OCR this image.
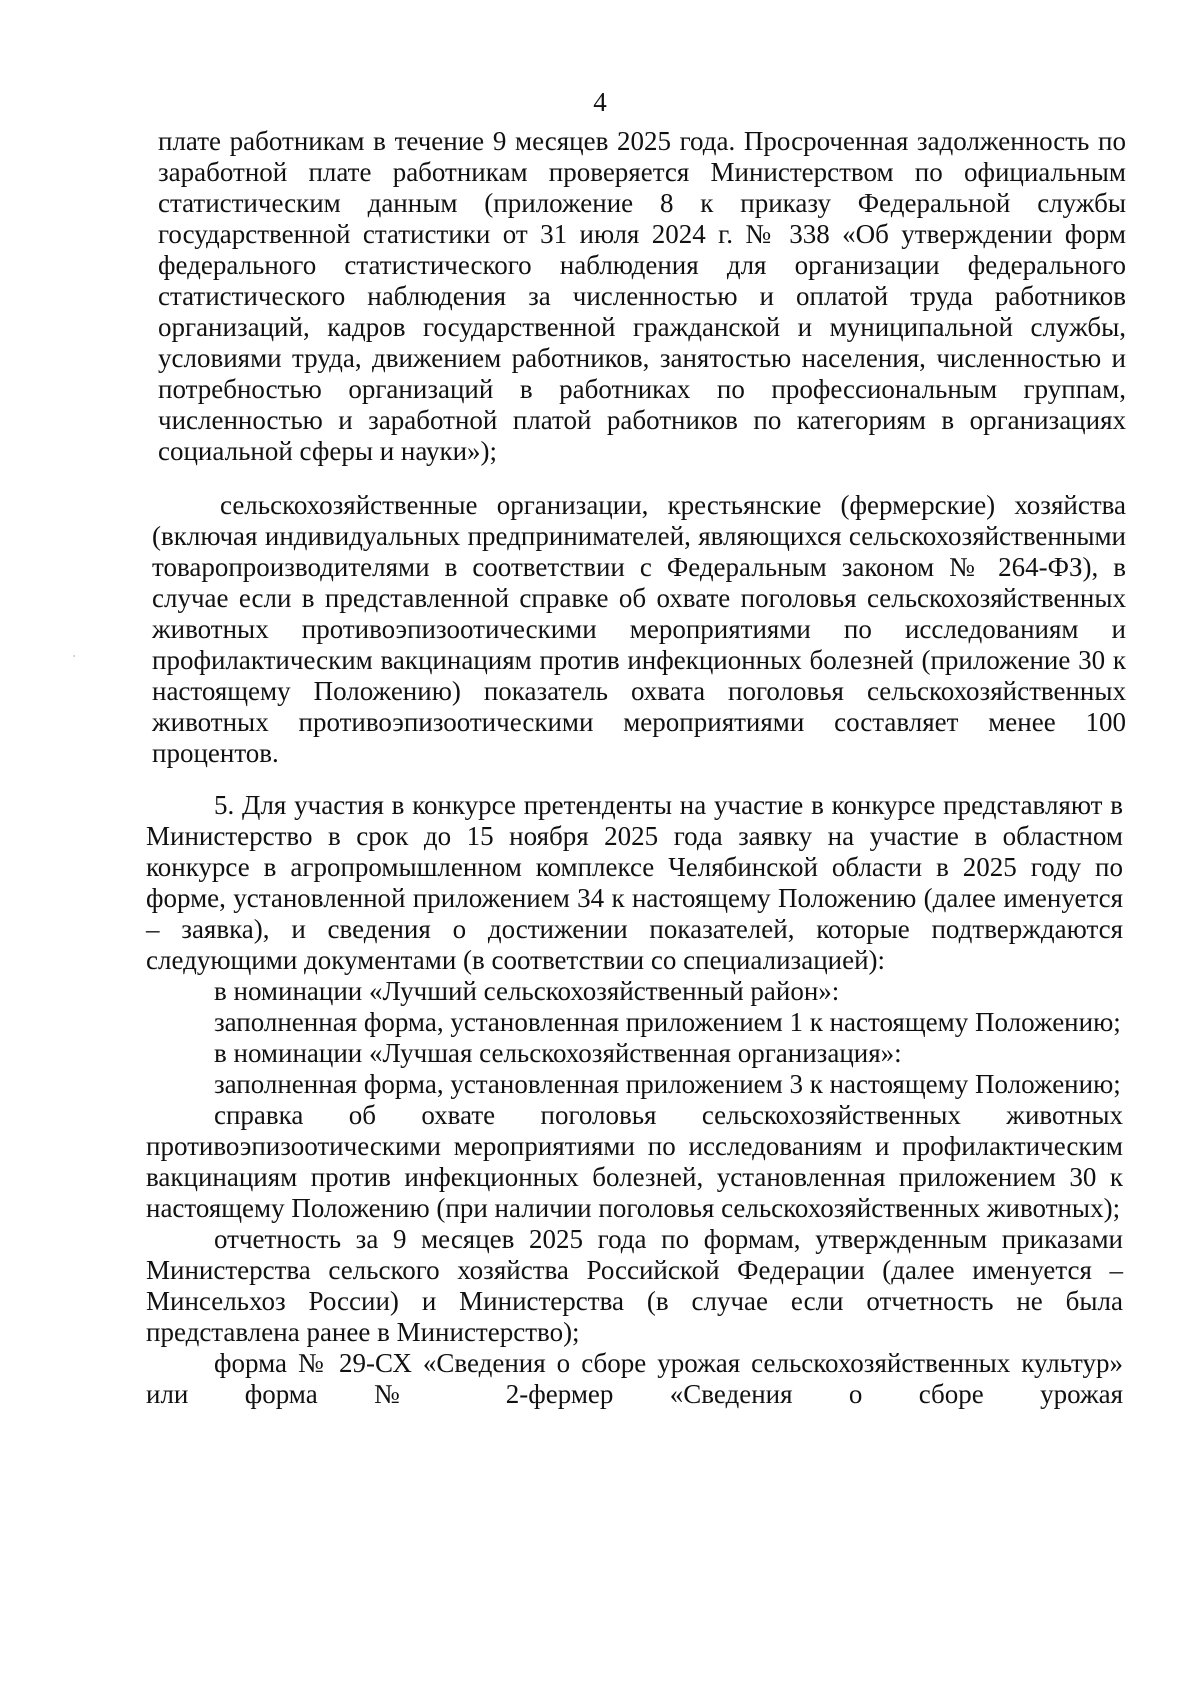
4

плате работникам в течение 9 месяцев 2025 года. Просроченная задолженность по заработной плате работникам проверяется Министерством по официальным статистическим данным (приложение 8 к приказу Федеральной службы государственной статистики от 31 июля 2024 г. № 338 «Об утверждении форм федерального статистического наблюдения для организации федерального статистического наблюдения за численностью и оплатой труда работников организаций, кадров государственной гражданской и муниципальной службы, условиями труда, движением работников, занятостью населения, численностью и потребностью организаций в работниках по профессиональным группам, численностью и заработной платой работников по категориям в организациях социальной сферы и науки»);

сельскохозяйственные организации, крестьянские (фермерские) хозяйства (включая индивидуальных предпринимателей, являющихся сельскохозяйственными товаропроизводителями в соответствии с Федеральным законом № 264-ФЗ), в случае если в представленной справке об охвате поголовья сельскохозяйственных животных противоэпизоотическими мероприятиями по исследованиям и профилактическим вакцинациям против инфекционных болезней (приложение 30 к настоящему Положению) показатель охвата поголовья сельскохозяйственных животных противоэпизоотическими мероприятиями составляет менее 100 процентов.

5. Для участия в конкурсе претенденты на участие в конкурсе представляют в Министерство в срок до 15 ноября 2025 года заявку на участие в областном конкурсе в агропромышленном комплексе Челябинской области в 2025 году по форме, установленной приложением 34 к настоящему Положению (далее именуется – заявка), и сведения о достижении показателей, которые подтверждаются следующими документами (в соответствии со специализацией):

в номинации «Лучший сельскохозяйственный район»:

заполненная форма, установленная приложением 1 к настоящему Положению;

в номинации «Лучшая сельскохозяйственная организация»:

заполненная форма, установленная приложением 3 к настоящему Положению;

справка об охвате поголовья сельскохозяйственных животных противоэпизоотическими мероприятиями по исследованиям и профилактическим вакцинациям против инфекционных болезней, установленная приложением 30 к настоящему Положению (при наличии поголовья сельскохозяйственных животных);

отчетность за 9 месяцев 2025 года по формам, утвержденным приказами Министерства сельского хозяйства Российской Федерации (далее именуется – Минсельхоз России) и Министерства (в случае если отчетность не была представлена ранее в Министерство);

форма № 29-СХ «Сведения о сборе урожая сельскохозяйственных культур» или форма № 2-фермер «Сведения о сборе урожая
